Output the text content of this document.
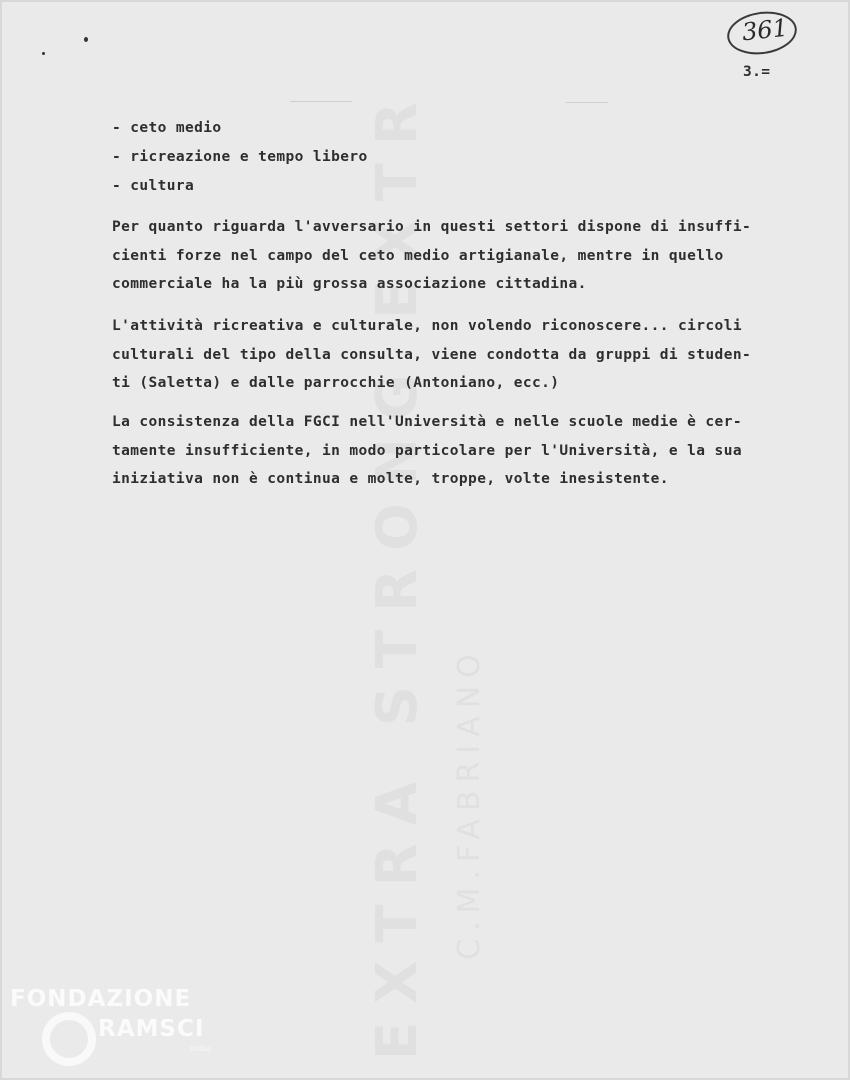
EXTRA STRONG EXTR C.M.FABRIANO
361
3.=
- ceto medio
- ricreazione e tempo libero
- cultura

Per quanto riguarda l'avversario in questi settori dispone di insuffi-
cienti forze nel campo del ceto medio artigianale, mentre in quello
commerciale ha la più grossa associazione cittadina.

L'attività ricreativa e culturale, non volendo riconoscere... circoli
culturali del tipo della consulta, viene condotta da gruppi di studen-
ti (Saletta) e dalle parrocchie (Antoniano, ecc.)

La consistenza della FGCI nell'Università e nelle scuole medie è cer-
tamente insufficiente, in modo particolare per l'Università, e la sua
iniziativa non è continua e molte, troppe, volte inesistente.

FONDAZIONE
RAMSCI
onlus
